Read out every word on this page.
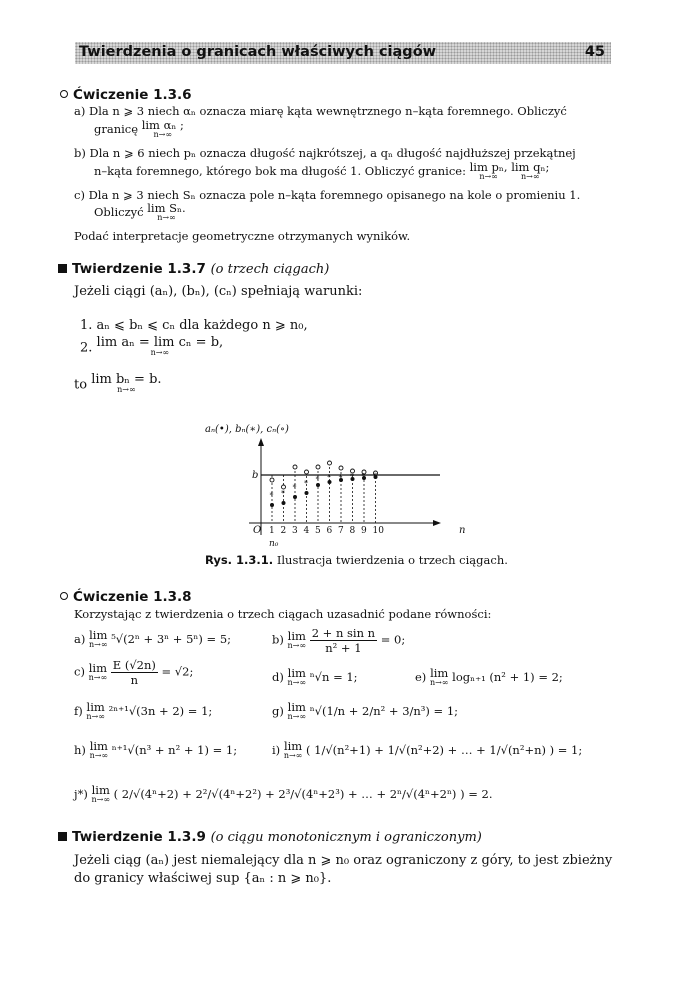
Twierdzenia o granicach właściwych ciągów	45
Ćwiczenie 1.3.6
a) Dla n ⩾ 3 niech αₙ oznacza miarę kąta wewnętrznego n–kąta foremnego. Obliczyć
granicę lim αₙ ;
n→∞
b) Dla n ⩾ 6 niech pₙ oznacza długość najkrótszej, a qₙ długość najdłuższej przekątnej
n–kąta foremnego, którego bok ma długość 1. Obliczyć granice: lim pₙ,
n→∞

lim qₙ;
n→∞
c) Dla n ⩾ 3 niech Sₙ oznacza pole n–kąta foremnego opisanego na kole o promieniu 1.
Obliczyć lim Sₙ.
n→∞
Podać interpretacje geometryczne otrzymanych wyników.
Twierdzenie 1.3.7 (o trzech ciągach)
Jeżeli ciągi (aₙ), (bₙ), (cₙ) spełniają warunki:
1. aₙ ⩽ bₙ ⩽ cₙ dla każdego n ⩾ n₀,
2. lim aₙ = lim cₙ = b,
n→∞
to lim bₙ = b.
n→∞
aₙ(•), bₙ(∗), cₙ(∘)
b
O	n
n₀
1 2 3 4 5 6 7 8 9 10
* *
* * * * * * * *
Rys. 1.3.1. Ilustracja twierdzenia o trzech ciągach.
Ćwiczenie 1.3.8
Korzystając z twierdzenia o trzech ciągach uzasadnić podane równości:
a) lim
n→∞ ⁵√(2ⁿ + 3ⁿ + 5ⁿ) = 5;	b) lim
n→∞
$\frac{\text{2 + n sin n}}{\text{n² + 1}} = 0$;
c) lim
n→∞
$\frac{E (√2n)}{n} = √2$;	d) lim
n→∞ ⁿ√n = 1;	e) lim
n→∞ logₙ₊₁ (n² + 1) = 2;
f) lim
n→∞ ²ⁿ⁺¹√(3n + 2) = 1;	g) lim
n→∞ ⁿ√(1/n + 2/n² + 3/n³) = 1;
h) lim
n→∞ ⁿ⁺¹√(n³ + n² + 1) = 1;	i) lim
n→∞ ( 1/√(n²+1) + 1/√(n²+2) + … + 1/√(n²+n) ) = 1;
j*) lim
n→∞ ( 2/√(4ⁿ+2) + 2²/√(4ⁿ+2²) + 2³/√(4ⁿ+2³) + … + 2ⁿ/√(4ⁿ+2ⁿ) ) = 2.
Twierdzenie 1.3.9 (o ciągu monotonicznym i ograniczonym)
Jeżeli ciąg (aₙ) jest niemalejący dla n ⩾ n₀ oraz ograniczony z góry, to jest zbieżny
do granicy właściwej sup {aₙ : n ⩾ n₀}.
